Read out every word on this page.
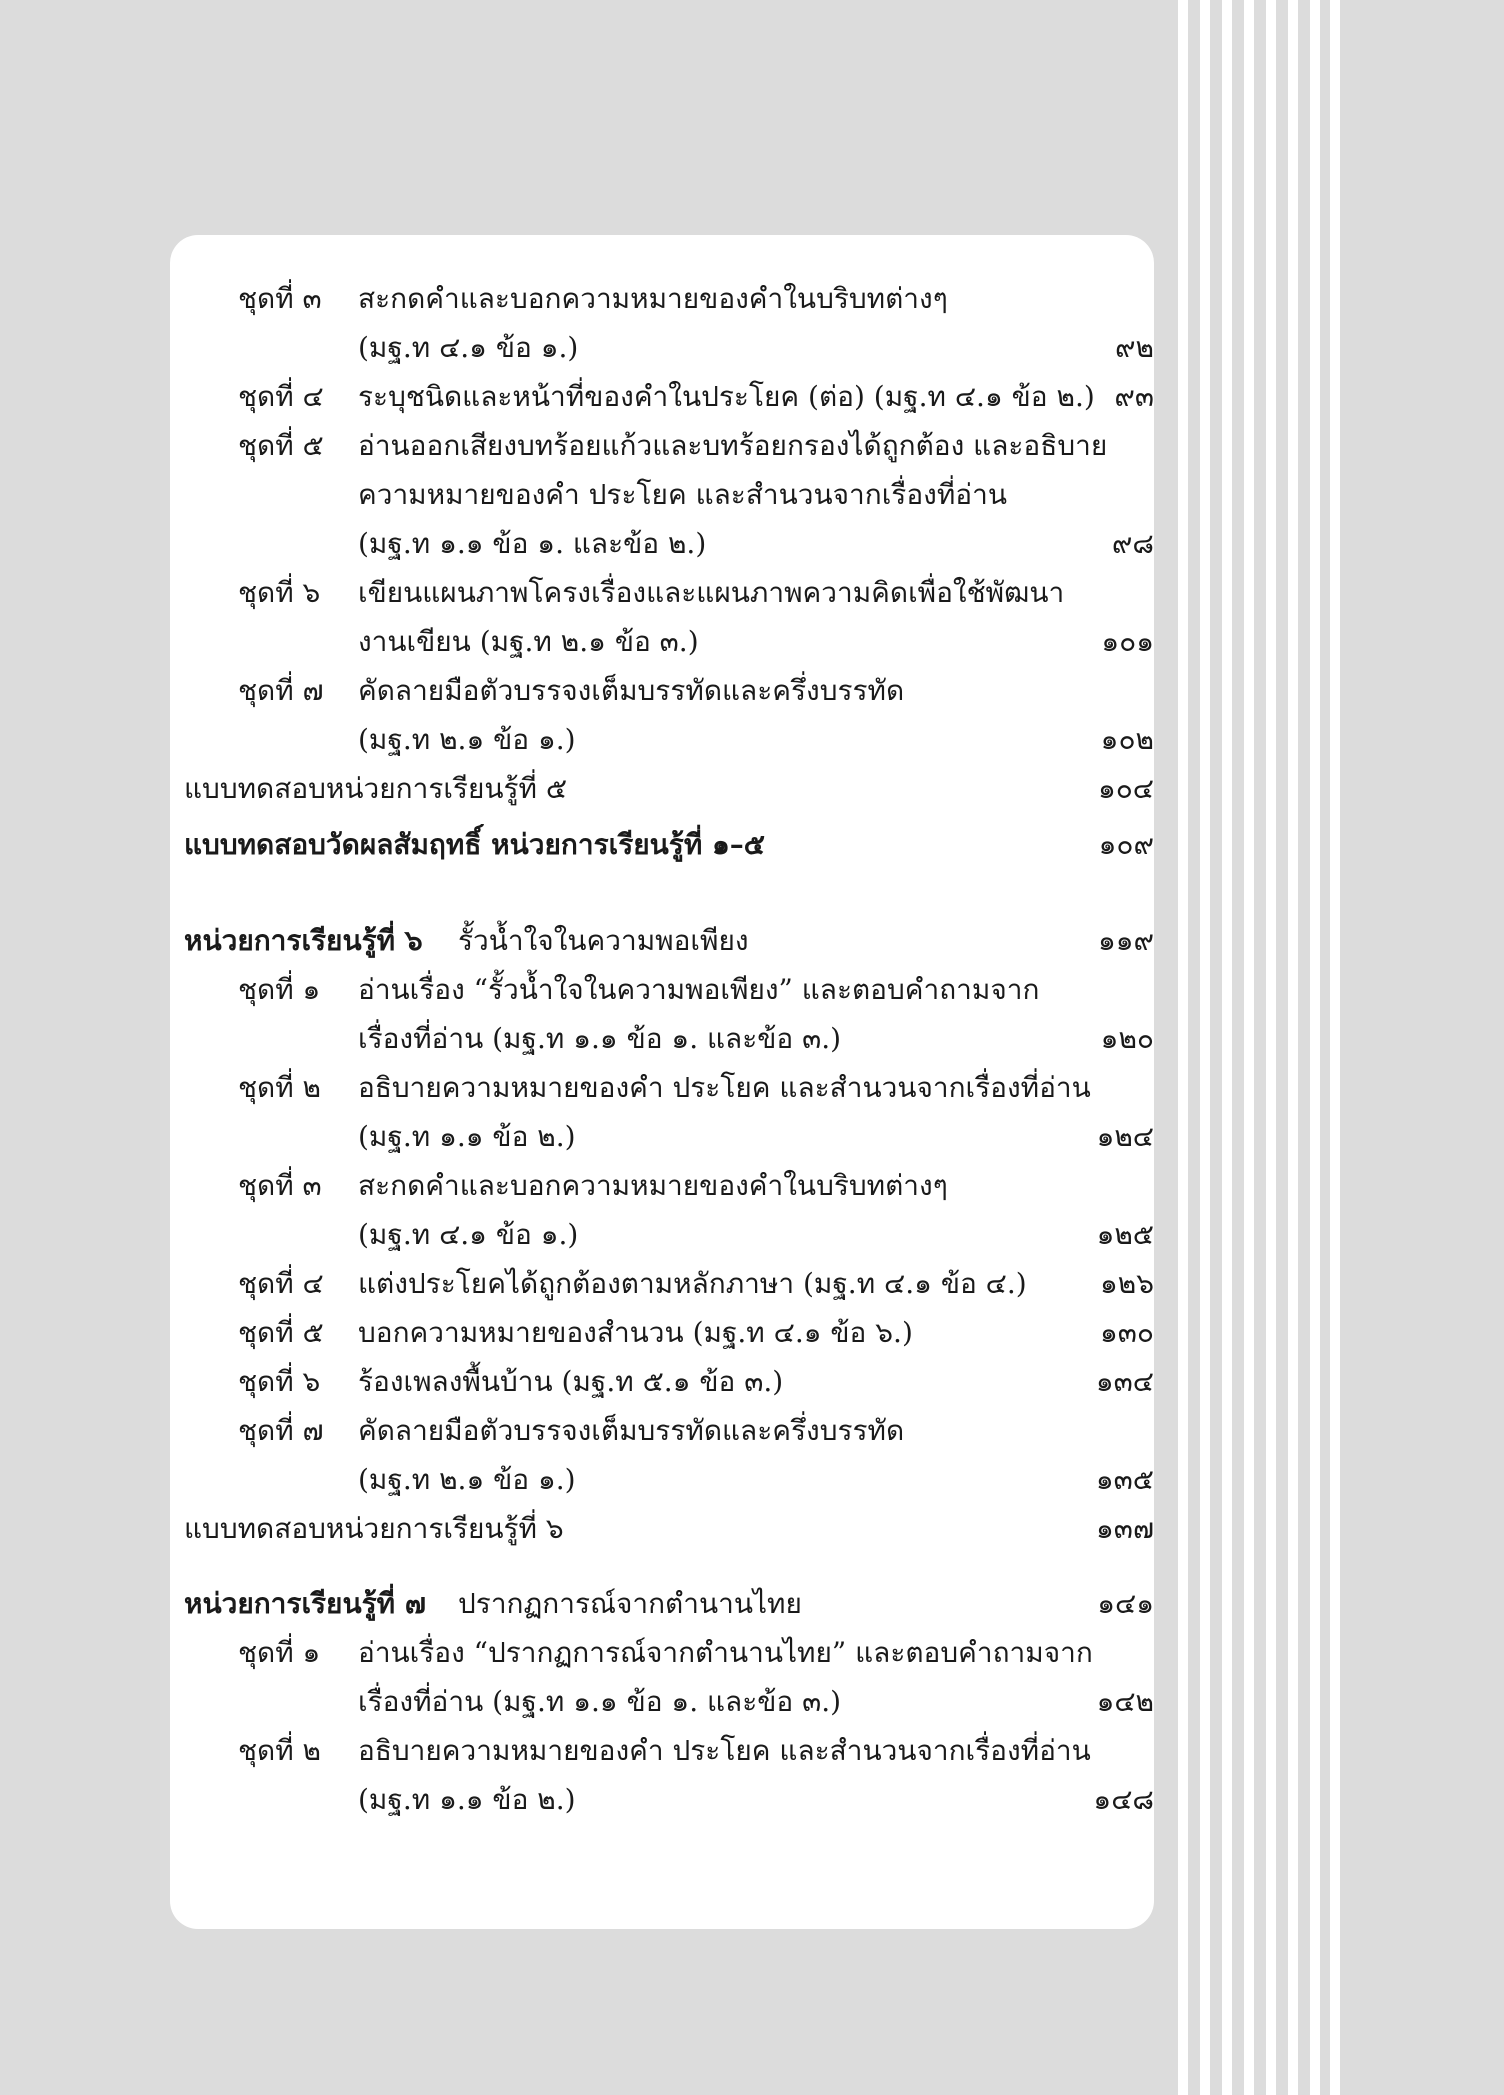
ชุดที่ ๓ สะกดคำและบอกความหมายของคำในบริบทต่างๆ
(มฐ.ท ๔.๑ ข้อ ๑.)	๙๒
ชุดที่ ๔ ระบุชนิดและหน้าที่ของคำในประโยค (ต่อ) (มฐ.ท ๔.๑ ข้อ ๒.) ๙๓
ชุดที่ ๕ อ่านออกเสียงบทร้อยแก้วและบทร้อยกรองได้ถูกต้อง และอธิบาย
ความหมายของคำ ประโยค และสำนวนจากเรื่องที่อ่าน
(มฐ.ท ๑.๑ ข้อ ๑. และข้อ ๒.)	๙๘
ชุดที่ ๖ เขียนแผนภาพโครงเรื่องและแผนภาพความคิดเพื่อใช้พัฒนา
งานเขียน (มฐ.ท ๒.๑ ข้อ ๓.)	๑๐๑
ชุดที่ ๗ คัดลายมือตัวบรรจงเต็มบรรทัดและครึ่งบรรทัด
(มฐ.ท ๒.๑ ข้อ ๑.)	๑๐๒
แบบทดสอบหน่วยการเรียนรู้ที่ ๕	๑๐๔
แบบทดสอบวัดผลสัมฤทธิ์ หน่วยการเรียนรู้ที่ ๑–๕	๑๐๙
หน่วยการเรียนรู้ที่ ๖ รั้วน้ำใจในความพอเพียง	๑๑๙
ชุดที่ ๑ อ่านเรื่อง “รั้วน้ำใจในความพอเพียง” และตอบคำถามจาก
เรื่องที่อ่าน (มฐ.ท ๑.๑ ข้อ ๑. และข้อ ๓.)	๑๒๐
ชุดที่ ๒ อธิบายความหมายของคำ ประโยค และสำนวนจากเรื่องที่อ่าน
(มฐ.ท ๑.๑ ข้อ ๒.)	๑๒๔
ชุดที่ ๓ สะกดคำและบอกความหมายของคำในบริบทต่างๆ
(มฐ.ท ๔.๑ ข้อ ๑.)	๑๒๕
ชุดที่ ๔ แต่งประโยคได้ถูกต้องตามหลักภาษา (มฐ.ท ๔.๑ ข้อ ๔.)	๑๒๖
ชุดที่ ๕ บอกความหมายของสำนวน (มฐ.ท ๔.๑ ข้อ ๖.)	๑๓๐
ชุดที่ ๖ ร้องเพลงพื้นบ้าน (มฐ.ท ๕.๑ ข้อ ๓.)	๑๓๔
ชุดที่ ๗ คัดลายมือตัวบรรจงเต็มบรรทัดและครึ่งบรรทัด
(มฐ.ท ๒.๑ ข้อ ๑.)	๑๓๕
แบบทดสอบหน่วยการเรียนรู้ที่ ๖	๑๓๗
หน่วยการเรียนรู้ที่ ๗ ปรากฏการณ์จากตำนานไทย	๑๔๑
ชุดที่ ๑ อ่านเรื่อง “ปรากฏการณ์จากตำนานไทย” และตอบคำถามจาก
เรื่องที่อ่าน (มฐ.ท ๑.๑ ข้อ ๑. และข้อ ๓.)	๑๔๒
ชุดที่ ๒ อธิบายความหมายของคำ ประโยค และสำนวนจากเรื่องที่อ่าน
(มฐ.ท ๑.๑ ข้อ ๒.)	๑๔๘
